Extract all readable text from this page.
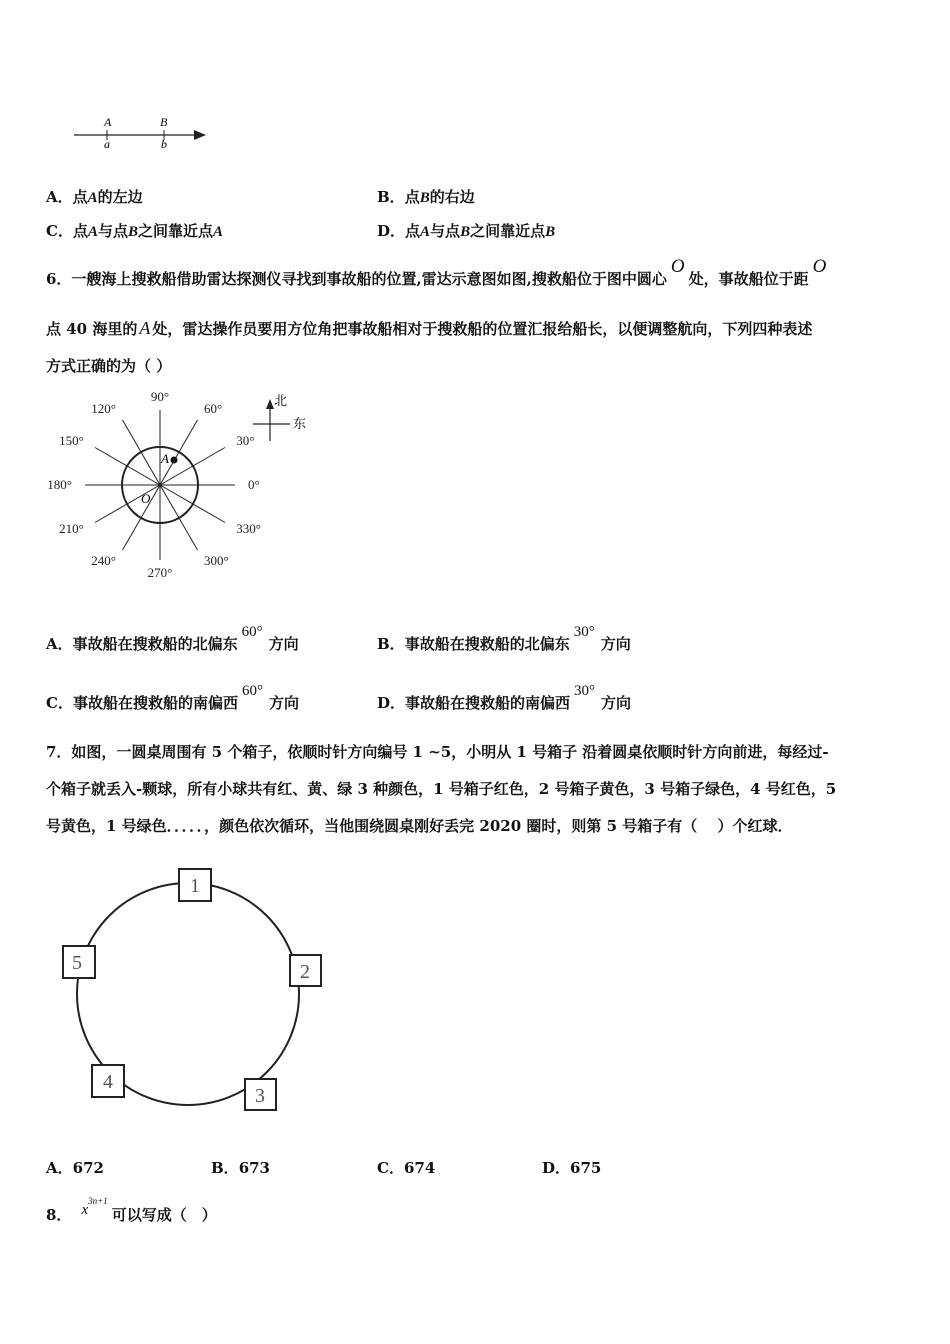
A
a
B
b
A．点A的左边	B．点B的右边
C．点A与点B之间靠近点A	D．点A与点B之间靠近点B
6．一艘海上搜救船借助雷达探测仪寻找到事故船的位置,雷达示意图如图,搜救船位于图中圆心O处，事故船位于距O
点 40 海里的 A 处，雷达操作员要用方位角把事故船相对于搜救船的位置汇报给船长，以便调整航向，下列四种表述
方式正确的为（ ）
0°
30°
60°
90°
120°
150°
180°
210°
240°
270°
300°
330°
A
O
北
东
A．事故船在搜救船的北偏东60°方向	B．事故船在搜救船的北偏东30°方向
C．事故船在搜救船的南偏西60°方向	D．事故船在搜救船的南偏西30°方向
7．如图，一圆桌周围有 5 个箱子，依顺时针方向编号 1 ~5，小明从 1 号箱子 沿着圆桌依顺时针方向前进，每经过-
个箱子就丢入-颗球，所有小球共有红、黄、绿 3 种颜色，1 号箱子红色，2 号箱子黄色，3 号箱子绿色，4 号红色，5
号黄色，1 号绿色．．．．．，颜色依次循环，当他围绕圆桌刚好丢完 2020 圈时，则第 5 号箱子有（　 ）个红球．
1
2
3
4
5
A．672	B．673	C．674	D．675
8． $x^{3n+1}$可以写成（　）
